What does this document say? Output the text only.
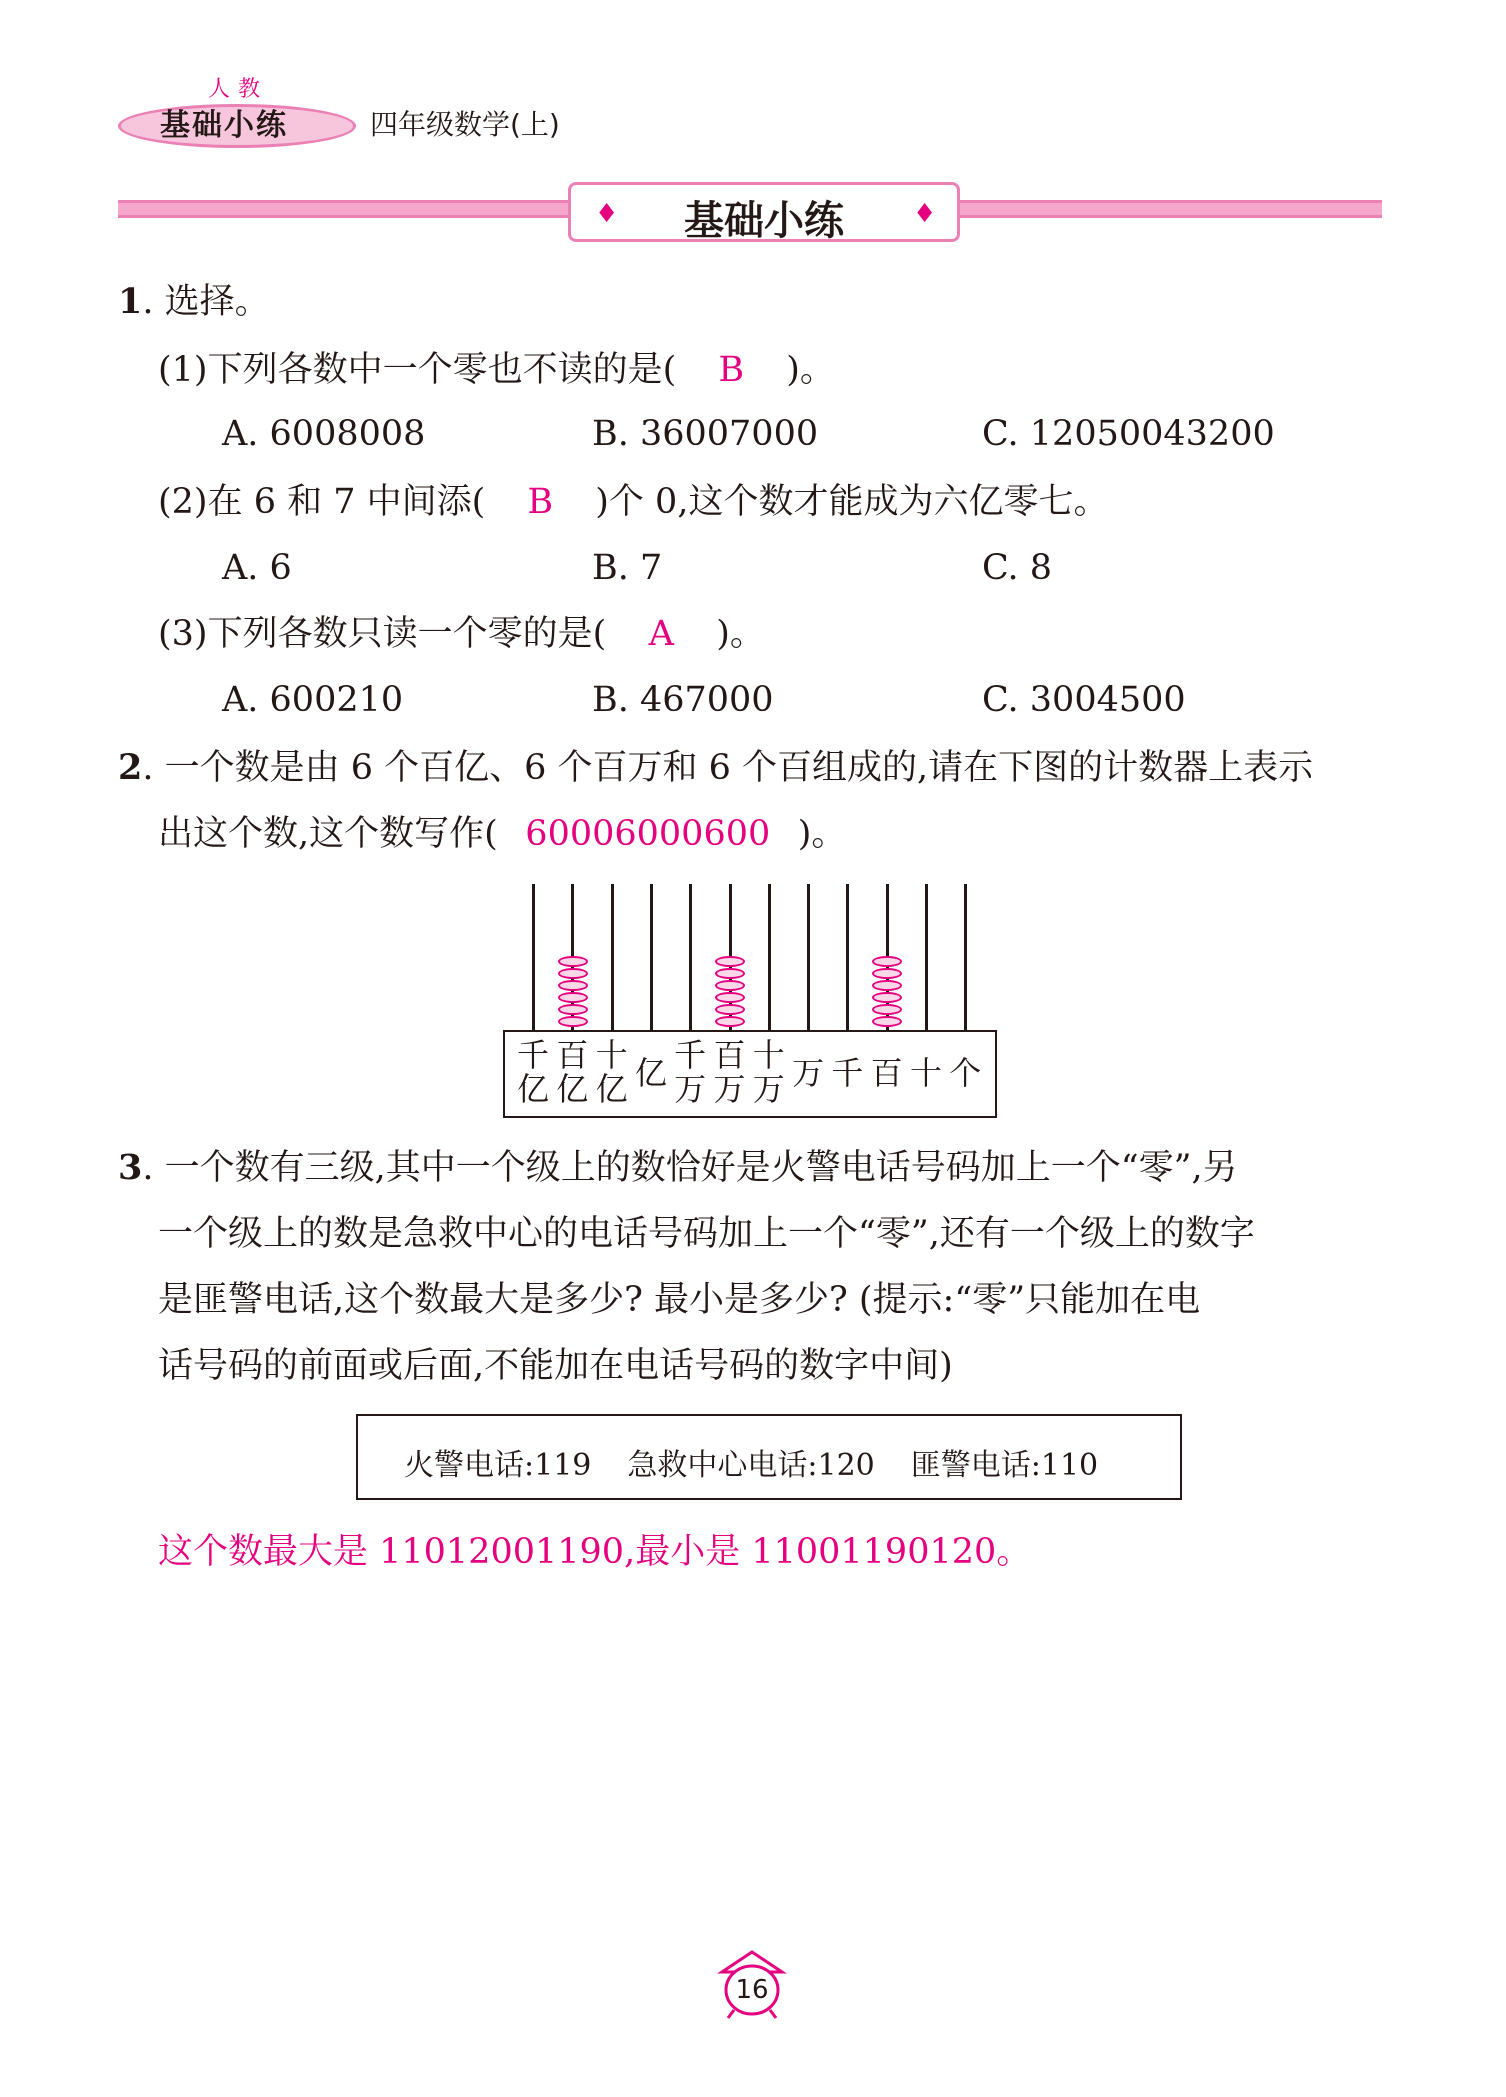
人教
基础小练	四年级数学(上)
♦	基础小练	♦
1. 选择。
(1)下列各数中一个零也不读的是( B )。
A. 6008008	B. 36007000	C. 12050043200
(2)在 6 和 7 中间添( B )个 0,这个数才能成为六亿零七。
A. 6	B. 7	C. 8
(3)下列各数只读一个零的是( A )。
A. 600210	B. 467000	C. 3004500
2. 一个数是由 6 个百亿、6 个百万和 6 个百组成的,请在下图的计数器上表示
出这个数,这个数写作( 60006000600 )。
千
亿
百
亿
十
亿 亿 千
万
百
万
十
万 万 千 百 十 个
3. 一个数有三级,其中一个级上的数恰好是火警电话号码加上一个“零”,另
一个级上的数是急救中心的电话号码加上一个“零”,还有一个级上的数字
是匪警电话,这个数最大是多少? 最小是多少? (提示:“零”只能加在电
话号码的前面或后面,不能加在电话号码的数字中间)
火警电话:119 急救中心电话:120 匪警电话:110
这个数最大是 11012001190,最小是 11001190120。
16
